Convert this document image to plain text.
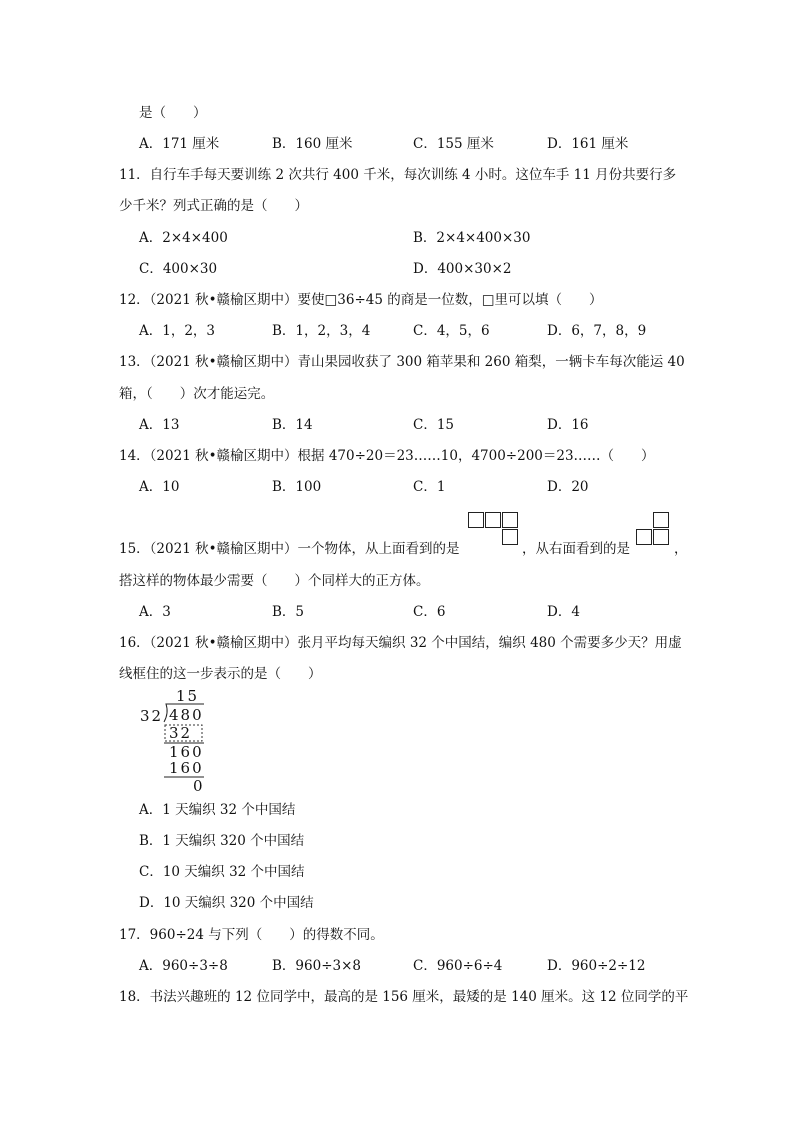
是（　　）
A．171 厘米	B．160 厘米	C．155 厘米	D．161 厘米
11．自行车手每天要训练 2 次共行 400 千米，每次训练 4 小时。这位车手 11 月份共要行多
少千米？列式正确的是（　　）
A．2×4×400	B．2×4×400×30
C．400×30	D．400×30×2
12．（2021 秋•赣榆区期中）要使□36÷45 的商是一位数，□里可以填（　　）
A．1，2，3	B．1，2，3，4	C．4，5，6	D．6，7，8，9
13．（2021 秋•赣榆区期中）青山果园收获了 300 箱苹果和 260 箱梨，一辆卡车每次能运 40
箱，（　　）次才能运完。
A．13	B．14	C．15	D．16
14．（2021 秋•赣榆区期中）根据 470÷20＝23……10，4700÷200＝23……（　　）
A．10	B．100	C．1	D．20
15．（2021 秋•赣榆区期中）一个物体，从上面看到的是	，从右面看到的是	，
搭这样的物体最少需要（　　）个同样大的正方体。
A．3	B．5	C．6	D．4
16．（2021 秋•赣榆区期中）张月平均每天编织 32 个中国结，编织 480 个需要多少天？用虚
线框住的这一步表示的是（　　）
15
32 480
32
160
160
0
A．1 天编织 32 个中国结
B．1 天编织 320 个中国结
C．10 天编织 32 个中国结
D．10 天编织 320 个中国结
17．960÷24 与下列（　　）的得数不同。
A．960÷3÷8	B．960÷3×8	C．960÷6÷4	D．960÷2÷12
18．书法兴趣班的 12 位同学中，最高的是 156 厘米，最矮的是 140 厘米。这 12 位同学的平
